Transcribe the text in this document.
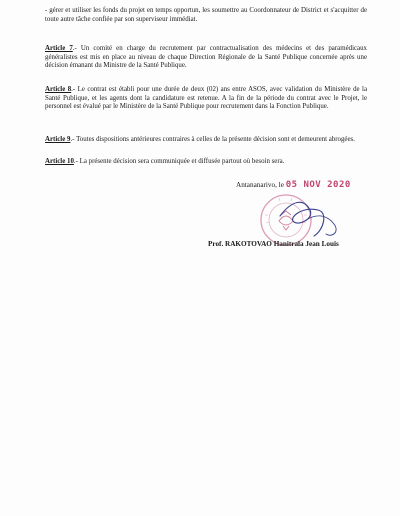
- gérer et utiliser les fonds du projet en temps opportun, les soumettre au Coordonnateur de District et s'acquitter de toute autre tâche confiée par son superviseur immédiat.

Article 7.- Un comité en charge du recrutement par contractualisation des médecins et des paramédicaux généralistes est mis en place au niveau de chaque Direction Régionale de la Santé Publique concernée après une décision émanant du Ministre de la Santé Publique.

Article 8.- Le contrat est établi pour une durée de deux (02) ans entre ASOS, avec validation du Ministère de la Santé Publique, et les agents dont la candidature est retenue. A la fin de la période du contrat avec le Projet, le personnel est évalué par le Ministère de la Santé Publique pour recrutement dans la Fonction Publique.

Article 9.- Toutes dispositions antérieures contraires à celles de la présente décision sont et demeurent abrogées.

Article 10.- La présente décision sera communiquée et diffusée partout où besoin sera.

Antananarivo, le 05 NOV 2020
Prof. RAKOTOVAO Hanitrala Jean Louis
